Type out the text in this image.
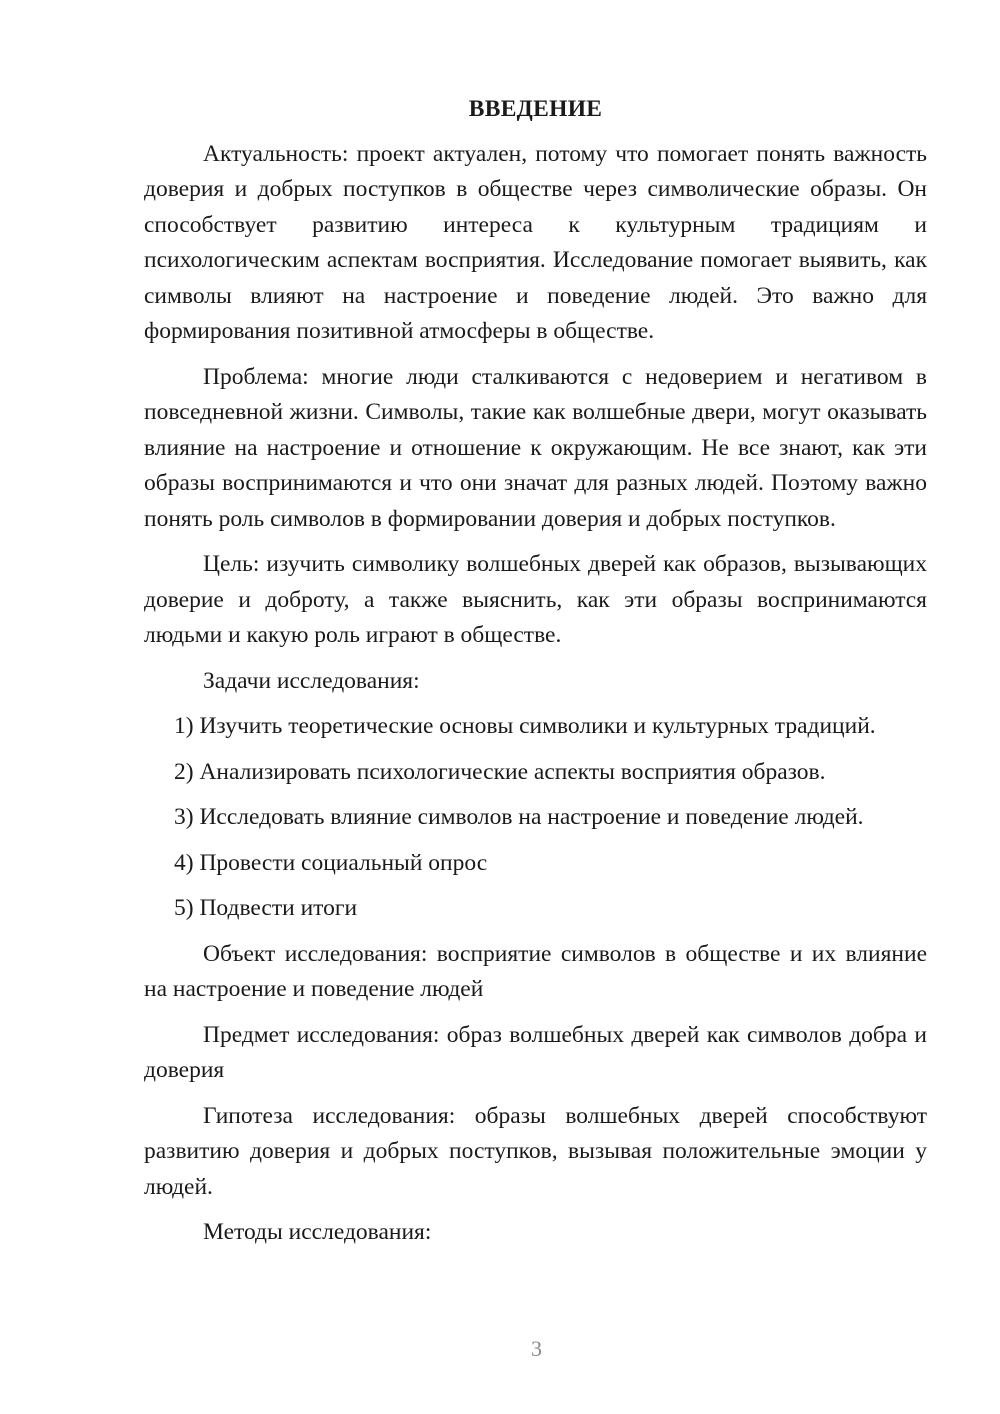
ВВЕДЕНИЕ

Актуальность: проект актуален, потому что помогает понять важность доверия и добрых поступков в обществе через символические образы. Он способствует развитию интереса к культурным традициям и психологическим аспектам восприятия. Исследование помогает выявить, как символы влияют на настроение и поведение людей. Это важно для формирования позитивной атмосферы в обществе.

Проблема: многие люди сталкиваются с недоверием и негативом в повседневной жизни. Символы, такие как волшебные двери, могут оказывать влияние на настроение и отношение к окружающим. Не все знают, как эти образы воспринимаются и что они значат для разных людей. Поэтому важно понять роль символов в формировании доверия и добрых поступков.

Цель: изучить символику волшебных дверей как образов, вызывающих доверие и доброту, а также выяснить, как эти образы воспринимаются людьми и какую роль играют в обществе.

Задачи исследования:

1) Изучить теоретические основы символики и культурных традиций.
2) Анализировать психологические аспекты восприятия образов.
3) Исследовать влияние символов на настроение и поведение людей.
4) Провести социальный опрос
5) Подвести итоги

Объект исследования: восприятие символов в обществе и их влияние на настроение и поведение людей

Предмет исследования: образ волшебных дверей как символов добра и доверия

Гипотеза исследования: образы волшебных дверей способствуют развитию доверия и добрых поступков, вызывая положительные эмоции у людей.

Методы исследования:

3
